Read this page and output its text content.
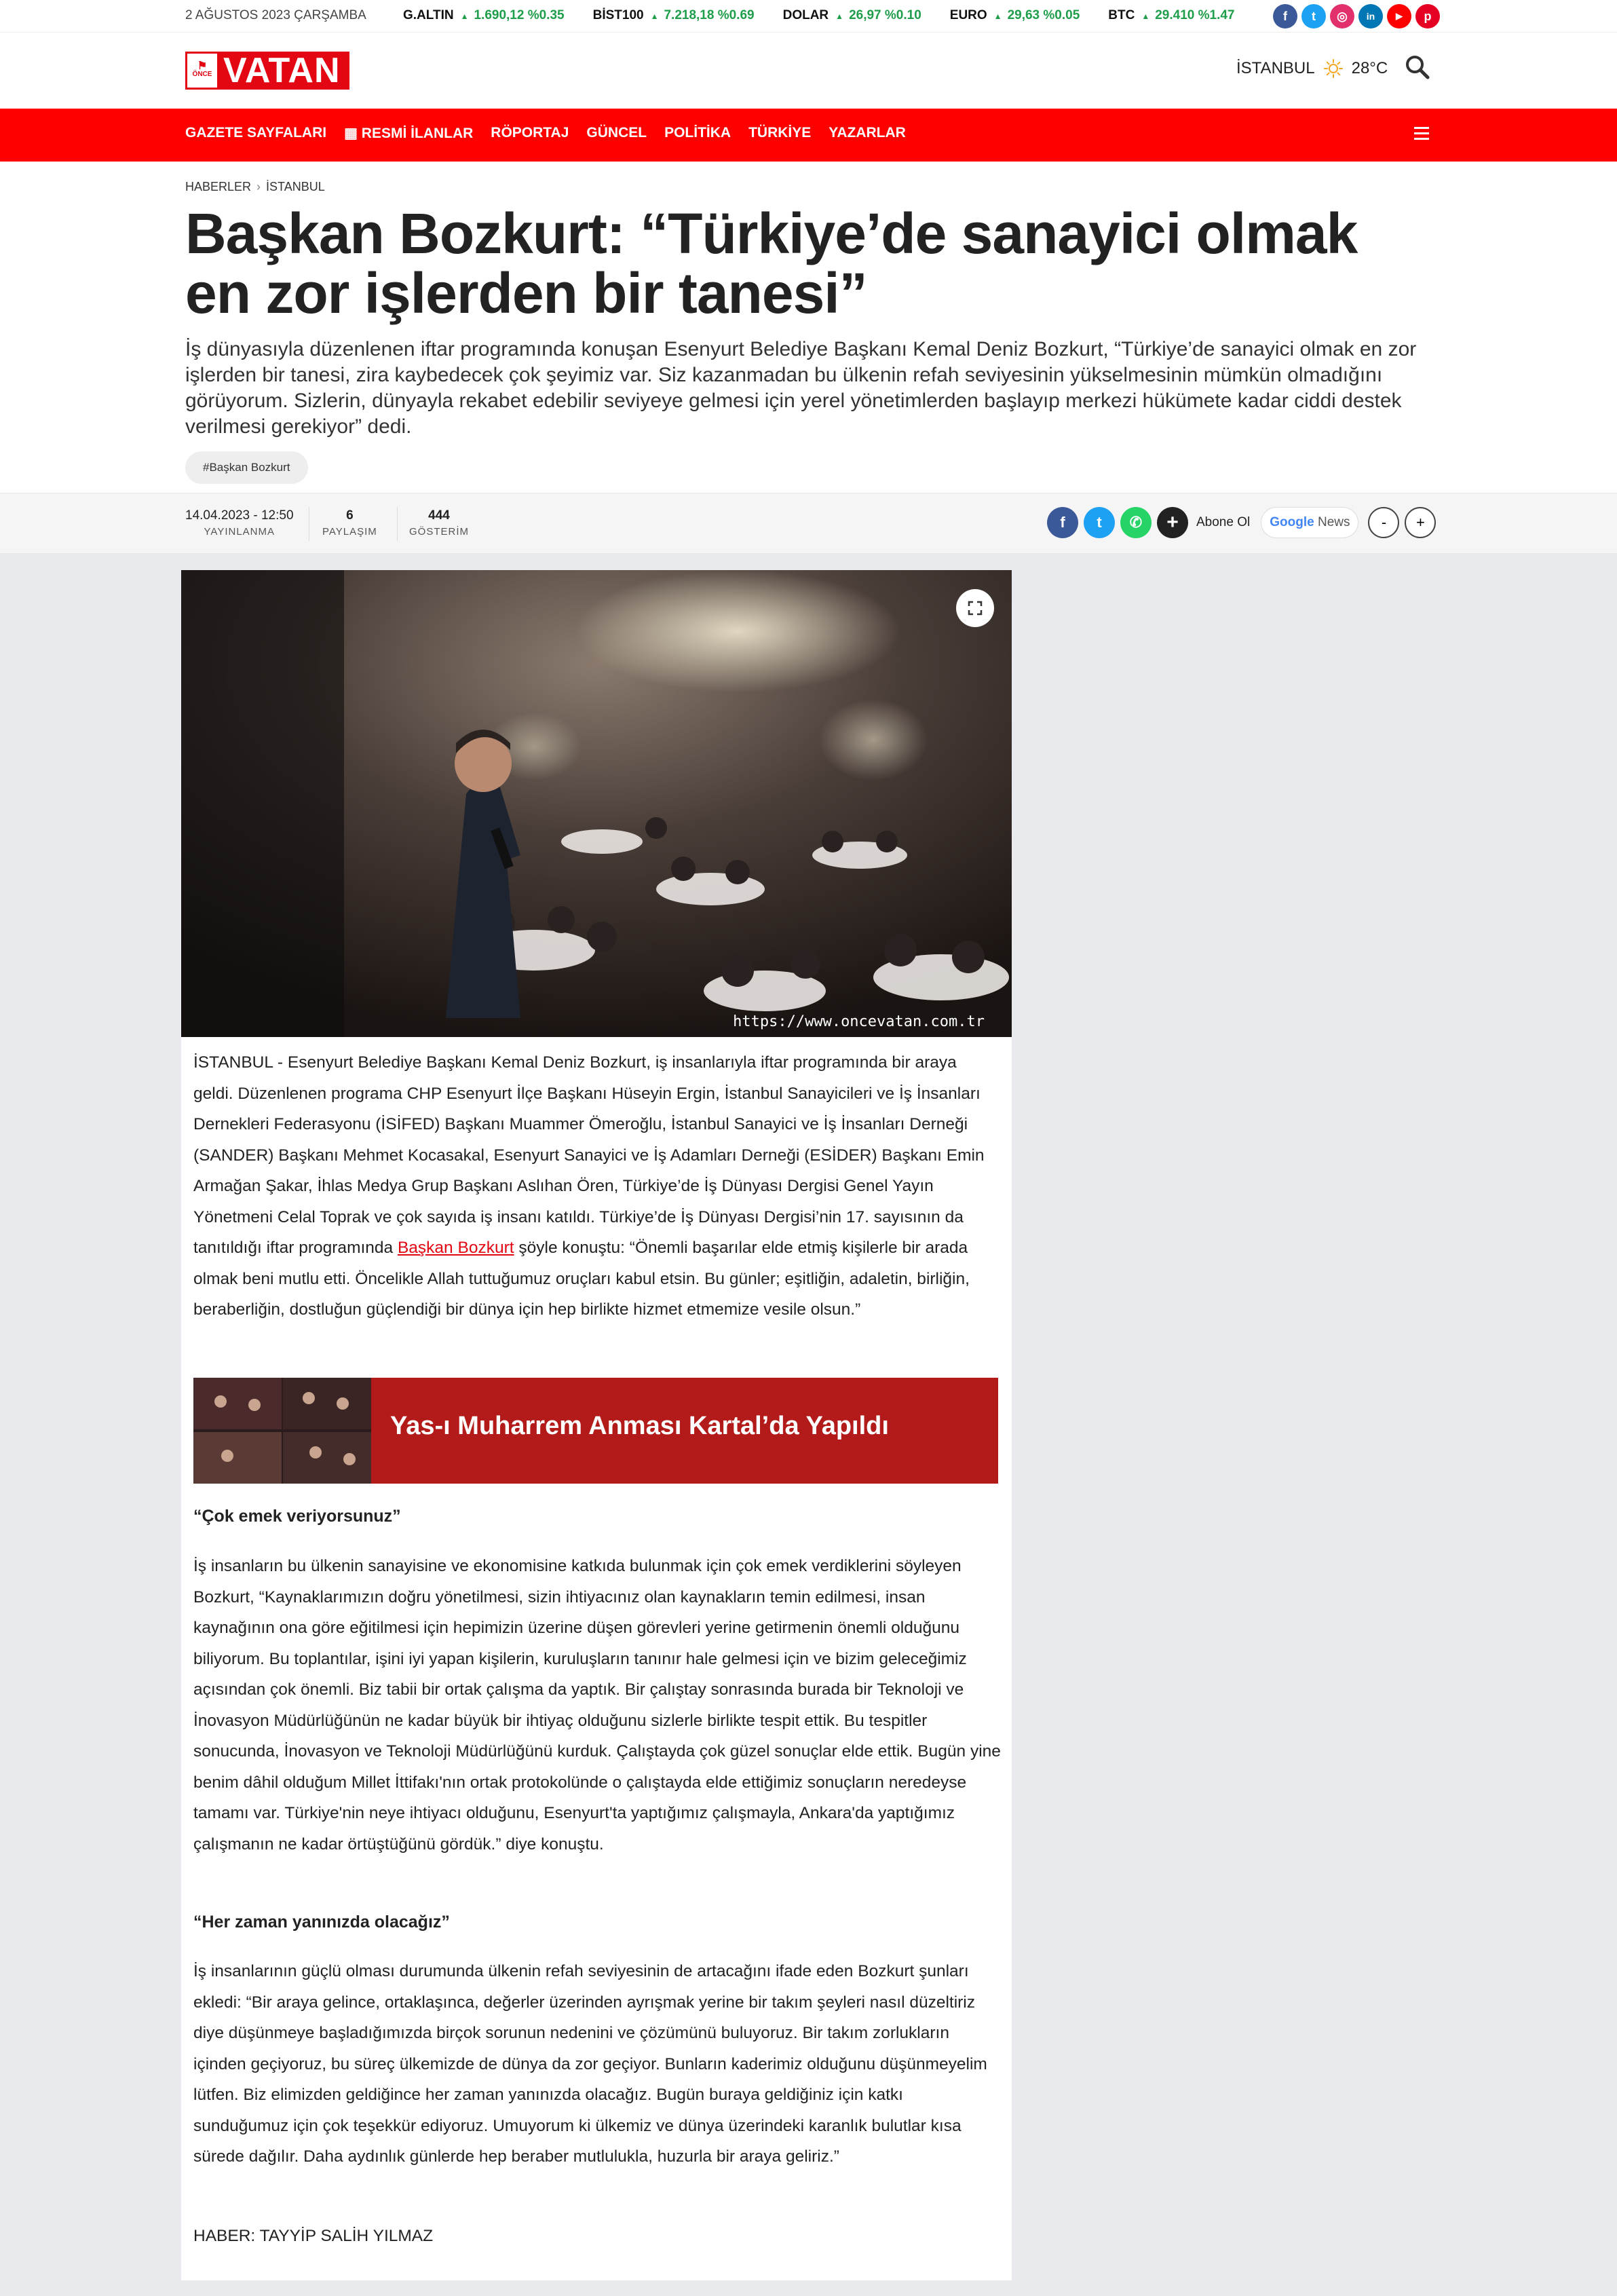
2 AĞUSTOS 2023 ÇARŞAMBA	G.ALTIN ▲ 1.690,12 %0.35 BİST100 ▲ 7.218,18 %0.69 DOLAR ▲ 26,97 %0.10 EURO ▲ 29,63 %0.05 BTC ▲ 29.410 %1.47	f	t	◎	in	▶	p
⚑
ÖNCE VATAN	İSTANBUL 28°C
GAZETE SAYFALARI ▦ RESMİ İLANLAR RÖPORTAJ GÜNCEL POLİTİKA TÜRKİYE YAZARLAR
HABERLER › İSTANBUL
Başkan Bozkurt: “Türkiye’de sanayici olmak en zor işlerden bir tanesi”

İş dünyasıyla düzenlenen iftar programında konuşan Esenyurt Belediye Başkanı Kemal Deniz Bozkurt, “Türkiye’de sanayici olmak en zor işlerden bir tanesi, zira kaybedecek çok şeyimiz var. Siz kazanmadan bu ülkenin refah seviyesinin yükselmesinin mümkün olmadığını görüyorum. Sizlerin, dünyayla rekabet edebilir seviyeye gelmesi için yerel yönetimlerden başlayıp merkezi hükümete kadar ciddi destek verilmesi gerekiyor” dedi.

#Başkan Bozkurt
14.04.2023 - 12:50
YAYINLANMA
6
PAYLAŞIM
444
GÖSTERİM
f	t	✆	+	Abone Ol Google
News	-	+
https://www.oncevatan.com.tr

İSTANBUL - Esenyurt Belediye Başkanı Kemal Deniz Bozkurt, iş insanlarıyla iftar programında bir araya geldi. Düzenlenen programa CHP Esenyurt İlçe Başkanı Hüseyin Ergin, İstanbul Sanayicileri ve İş İnsanları Dernekleri Federasyonu (İSİFED) Başkanı Muammer Ömeroğlu, İstanbul Sanayici ve İş İnsanları Derneği (SANDER) Başkanı Mehmet Kocasakal, Esenyurt Sanayici ve İş Adamları Derneği (ESİDER) Başkanı Emin Armağan Şakar, İhlas Medya Grup Başkanı Aslıhan Ören, Türkiye’de İş Dünyası Dergisi Genel Yayın Yönetmeni Celal Toprak ve çok sayıda iş insanı katıldı. Türkiye’de İş Dünyası Dergisi’nin 17. sayısının da tanıtıldığı iftar programında Başkan Bozkurt şöyle konuştu: “Önemli başarılar elde etmiş kişilerle bir arada olmak beni mutlu etti. Öncelikle Allah tuttuğumuz oruçları kabul etsin. Bu günler; eşitliğin, adaletin, birliğin, beraberliğin, dostluğun güçlendiği bir dünya için hep birlikte hizmet etmemize vesile olsun.”

Yas-ı Muharrem Anması Kartal’da Yapıldı
“Çok emek veriyorsunuz”

İş insanların bu ülkenin sanayisine ve ekonomisine katkıda bulunmak için çok emek verdiklerini söyleyen Bozkurt, “Kaynaklarımızın doğru yönetilmesi, sizin ihtiyacınız olan kaynakların temin edilmesi, insan kaynağının ona göre eğitilmesi için hepimizin üzerine düşen görevleri yerine getirmenin önemli olduğunu biliyorum. Bu toplantılar, işini iyi yapan kişilerin, kuruluşların tanınır hale gelmesi için ve bizim geleceğimiz açısından çok önemli. Biz tabii bir ortak çalışma da yaptık. Bir çalıştay sonrasında burada bir Teknoloji ve İnovasyon Müdürlüğünün ne kadar büyük bir ihtiyaç olduğunu sizlerle birlikte tespit ettik. Bu tespitler sonucunda, İnovasyon ve Teknoloji Müdürlüğünü kurduk. Çalıştayda çok güzel sonuçlar elde ettik. Bugün yine benim dâhil olduğum Millet İttifakı'nın ortak protokolünde o çalıştayda elde ettiğimiz sonuçların neredeyse tamamı var. Türkiye'nin neye ihtiyacı olduğunu, Esenyurt'ta yaptığımız çalışmayla, Ankara'da yaptığımız çalışmanın ne kadar örtüştüğünü gördük.” diye konuştu.

“Her zaman yanınızda olacağız”

İş insanlarının güçlü olması durumunda ülkenin refah seviyesinin de artacağını ifade eden Bozkurt şunları ekledi: “Bir araya gelince, ortaklaşınca, değerler üzerinden ayrışmak yerine bir takım şeyleri nasıl düzeltiriz diye düşünmeye başladığımızda birçok sorunun nedenini ve çözümünü buluyoruz. Bir takım zorlukların içinden geçiyoruz, bu süreç ülkemizde de dünya da zor geçiyor. Bunların kaderimiz olduğunu düşünmeyelim lütfen. Biz elimizden geldiğince her zaman yanınızda olacağız. Bugün buraya geldiğiniz için katkı sunduğumuz için çok teşekkür ediyoruz. Umuyorum ki ülkemiz ve dünya üzerindeki karanlık bulutlar kısa sürede dağılır. Daha aydınlık günlerde hep beraber mutlulukla, huzurla bir araya geliriz.”

HABER: TAYYİP SALİH YILMAZ
